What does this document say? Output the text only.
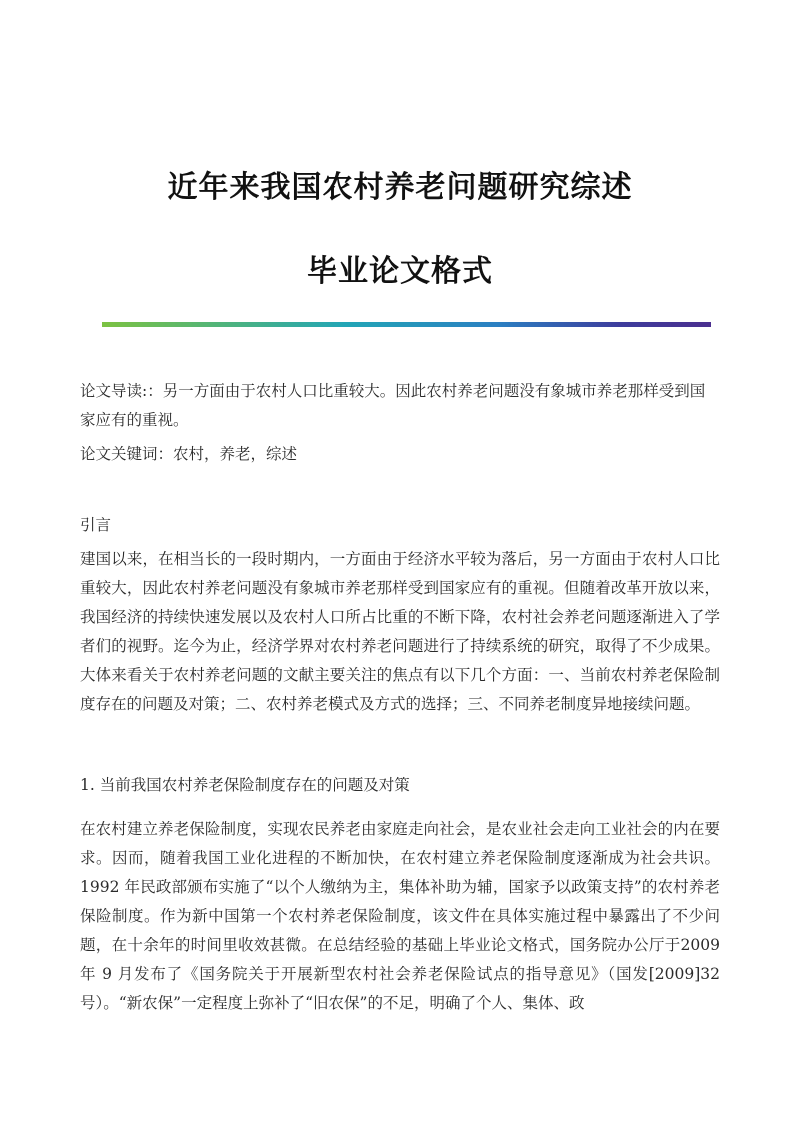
近年来我国农村养老问题研究综述
毕业论文格式

论文导读:：另一方面由于农村人口比重较大。因此农村养老问题没有象城市养老那样受到国家应有的重视。

论文关键词：农村，养老，综述

引言

建国以来，在相当长的一段时期内，一方面由于经济水平较为落后，另一方面由于农村人口比重较大，因此农村养老问题没有象城市养老那样受到国家应有的重视。但随着改革开放以来，我国经济的持续快速发展以及农村人口所占比重的不断下降，农村社会养老问题逐渐进入了学者们的视野。迄今为止，经济学界对农村养老问题进行了持续系统的研究，取得了不少成果。大体来看关于农村养老问题的文献主要关注的焦点有以下几个方面：一、当前农村养老保险制度存在的问题及对策；二、农村养老模式及方式的选择；三、不同养老制度异地接续问题。

1. 当前我国农村养老保险制度存在的问题及对策

在农村建立养老保险制度，实现农民养老由家庭走向社会，是农业社会走向工业社会的内在要求。因而，随着我国工业化进程的不断加快，在农村建立养老保险制度逐渐成为社会共识。1992 年民政部颁布实施了“以个人缴纳为主，集体补助为辅，国家予以政策支持”的农村养老保险制度。作为新中国第一个农村养老保险制度，该文件在具体实施过程中暴露出了不少问题，在十余年的时间里收效甚微。在总结经验的基础上毕业论文格式，国务院办公厅于2009 年 9 月发布了《国务院关于开展新型农村社会养老保险试点的指导意见》（国发[2009]32 号）。“新农保”一定程度上弥补了“旧农保”的不足，明确了个人、集体、政
